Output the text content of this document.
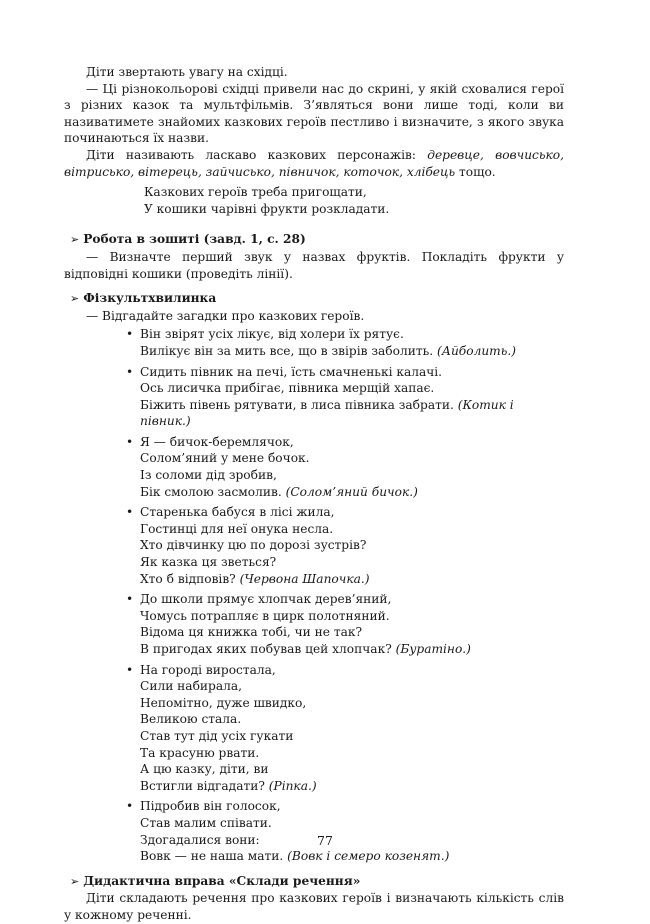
Діти звертають увагу на східці.

— Ці різнокольорові східці привели нас до скрині, у якій сховалися герої з різних казок та мультфільмів. З’являться вони лише тоді, коли ви називатимете знайомих казкових героїв пестливо і визначите, з якого звука починаються їх назви.

Діти називають ласкаво казкових персонажів: деревце, вовчисько, вітрисько, вітерець, зайчисько, півничок, коточок, хлібець тощо.

Казкових героїв треба пригощати,
У кошики чарівні фрукти розкладати.
➢ Робота в зошиті (завд. 1, с. 28)

— Визначте перший звук у назвах фруктів. Покладіть фрукти у відповідні кошики (проведіть лінії).

➢ Фізкультхвилинка

— Відгадайте загадки про казкових героїв.

• Він звірят усіх лікує, від холери їх рятує.
Вилікує він за мить все, що в звірів заболить. (Айболить.)
• Сидить півник на печі, їсть смачненькі калачі.
Ось лисичка прибігає, півника мерщій хапає.
Біжить півень рятувати, в лиса півника забрати. (Котик і півник.)
• Я — бичок-беремлячок,
Солом’яний у мене бочок.
Із соломи дід зробив,
Бік смолою засмолив. (Солом’яний бичок.)
• Старенька бабуся в лісі жила,
Гостинці для неї онука несла.
Хто дівчинку цю по дорозі зустрів?
Як казка ця зветься?
Хто б відповів? (Червона Шапочка.)
• До школи прямує хлопчак дерев’яний,
Чомусь потрапляє в цирк полотняний.
Відома ця книжка тобі, чи не так?
В пригодах яких побував цей хлопчак? (Буратіно.)
• На городі виростала,
Сили набирала,
Непомітно, дуже швидко,
Великою стала.
Став тут дід усіх гукати
Та красуню рвати.
А цю казку, діти, ви
Встигли відгадати? (Ріпка.)
• Підробив він голосок,
Став малим співати.
Здогадалися вони:
Вовк — не наша мати. (Вовк і семеро козенят.)
➢ Дидактична вправа «Склади речення»

Діти складають речення про казкових героїв і визначають кількість слів у кожному реченні.

77
